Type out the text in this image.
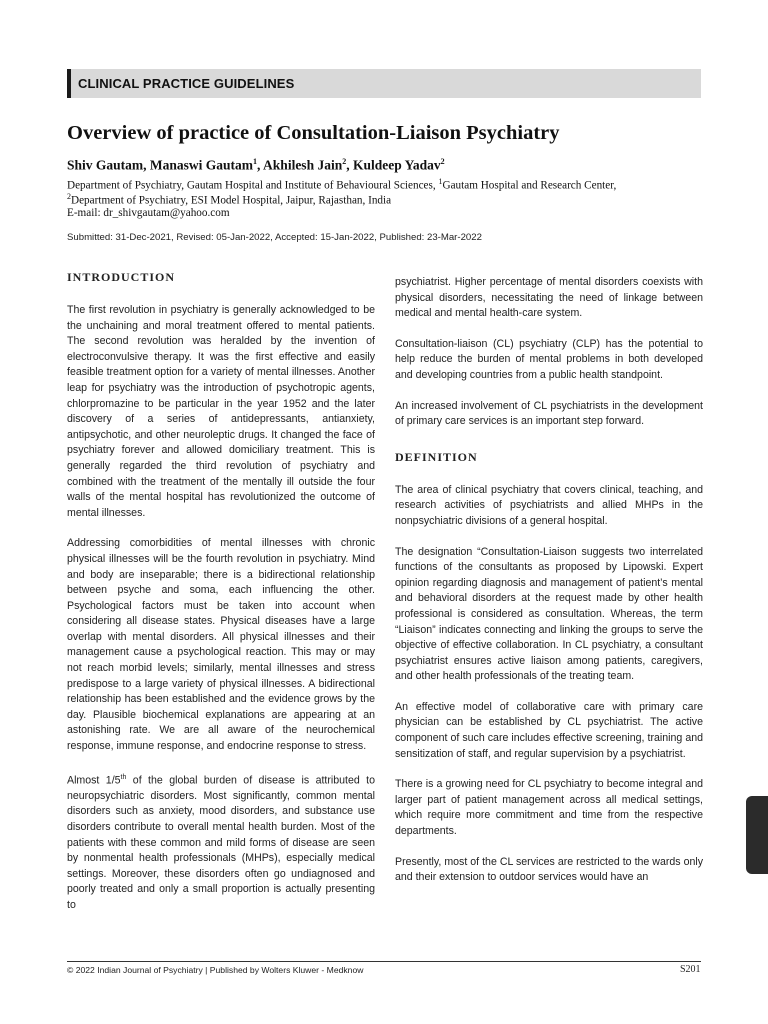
CLINICAL PRACTICE GUIDELINES
Overview of practice of Consultation-Liaison Psychiatry
Shiv Gautam, Manaswi Gautam$^1$, Akhilesh Jain$^2$, Kuldeep Yadav$^2$
Department of Psychiatry, Gautam Hospital and Institute of Behavioural Sciences, $^1$Gautam Hospital and Research Center,
$^2$Department of Psychiatry, ESI Model Hospital, Jaipur, Rajasthan, India
E-mail: dr_shivgautam@yahoo.com
Submitted: 31-Dec-2021, Revised: 05-Jan-2022, Accepted: 15-Jan-2022, Published: 23-Mar-2022
INTRODUCTION

The first revolution in psychiatry is generally acknowledged to be the unchaining and moral treatment offered to mental patients. The second revolution was heralded by the invention of electroconvulsive therapy. It was the first effective and easily feasible treatment option for a variety of mental illnesses. Another leap for psychiatry was the introduction of psychotropic agents, chlorpromazine to be particular in the year 1952 and the later discovery of a series of antidepressants, antianxiety, antipsychotic, and other neuroleptic drugs. It changed the face of psychiatry forever and allowed domiciliary treatment. This is generally regarded the third revolution of psychiatry and combined with the treatment of the mentally ill outside the four walls of the mental hospital has revolutionized the outcome of mental illnesses.

Addressing comorbidities of mental illnesses with chronic physical illnesses will be the fourth revolution in psychiatry. Mind and body are inseparable; there is a bidirectional relationship between psyche and soma, each influencing the other. Psychological factors must be taken into account when considering all disease states. Physical diseases have a large overlap with mental disorders. All physical illnesses and their management cause a psychological reaction. This may or may not reach morbid levels; similarly, mental illnesses and stress predispose to a large variety of physical illnesses. A bidirectional relationship has been established and the evidence grows by the day. Plausible biochemical explanations are appearing at an astonishing rate. We are all aware of the neurochemical response, immune response, and endocrine response to stress.

Almost 1/5th of the global burden of disease is attributed to neuropsychiatric disorders. Most significantly, common mental disorders such as anxiety, mood disorders, and substance use disorders contribute to overall mental health burden. Most of the patients with these common and mild forms of disease are seen by nonmental health professionals (MHPs), especially medical settings. Moreover, these disorders often go undiagnosed and poorly treated and only a small proportion is actually presenting to

psychiatrist. Higher percentage of mental disorders coexists with physical disorders, necessitating the need of linkage between medical and mental health-care system.

Consultation-liaison (CL) psychiatry (CLP) has the potential to help reduce the burden of mental problems in both developed and developing countries from a public health standpoint.

An increased involvement of CL psychiatrists in the development of primary care services is an important step forward.

DEFINITION

The area of clinical psychiatry that covers clinical, teaching, and research activities of psychiatrists and allied MHPs in the nonpsychiatric divisions of a general hospital.

The designation “Consultation-Liaison suggests two interrelated functions of the consultants as proposed by Lipowski. Expert opinion regarding diagnosis and management of patient’s mental and behavioral disorders at the request made by other health professional is considered as consultation. Whereas, the term “Liaison” indicates connecting and linking the groups to serve the objective of effective collaboration. In CL psychiatry, a consultant psychiatrist ensures active liaison among patients, caregivers, and other health professionals of the treating team.

An effective model of collaborative care with primary care physician can be established by CL psychiatrist. The active component of such care includes effective screening, training and sensitization of staff, and regular supervision by a psychiatrist.

There is a growing need for CL psychiatry to become integral and larger part of patient management across all medical settings, which require more commitment and time from the respective departments.

Presently, most of the CL services are restricted to the wards only and their extension to outdoor services would have an

© 2022 Indian Journal of Psychiatry | Published by Wolters Kluwer - Medknow	S201
